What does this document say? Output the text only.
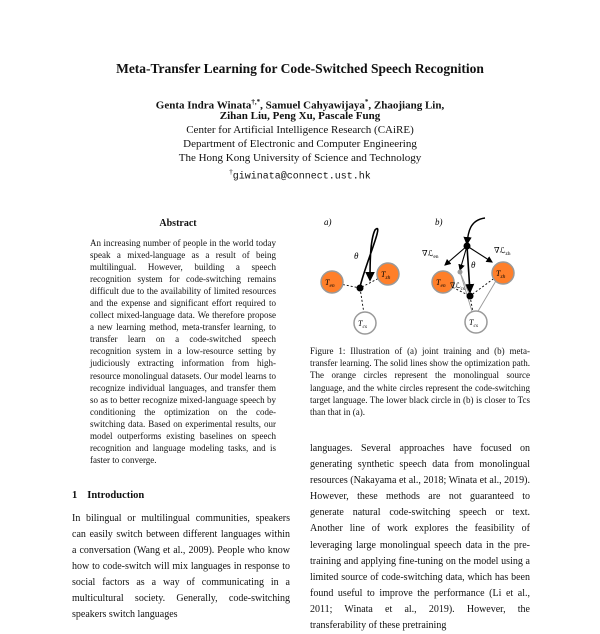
Meta-Transfer Learning for Code-Switched Speech Recognition
Genta Indra Winata†,*, Samuel Cahyawijaya*, Zhaojiang Lin,
Zihan Liu, Peng Xu, Pascale Fung
Center for Artificial Intelligence Research (CAiRE)
Department of Electronic and Computer Engineering
The Hong Kong University of Science and Technology
†giwinata@connect.ust.hk
Abstract
An increasing number of people in the world today speak a mixed-language as a result of being multilingual. However, building a speech recognition system for code-switching remains difficult due to the availability of limited resources and the expense and significant effort required to collect mixed-language data. We therefore propose a new learning method, meta-transfer learning, to transfer learn on a code-switched speech recognition system in a low-resource setting by judiciously extracting information from high-resource monolingual datasets. Our model learns to recognize individual languages, and transfer them so as to better recognize mixed-language speech by conditioning the optimization on the code-switching data. Based on experimental results, our model outperforms existing baselines on speech recognition and language modeling tasks, and is faster to converge.
1 Introduction
In bilingual or multilingual communities, speakers can easily switch between different languages within a conversation (Wang et al., 2009). People who know how to code-switch will mix languages in response to social factors as a way of communicating in a multicultural society. Generally, code-switching speakers switch languages
a)
$T_{en}$
$T_{zh}$
$T_{cs}$
θ
b)
$T_{en}$
$T_{zh}$
$T_{cs}$
θ
∇ℒ$_{en}$
∇ℒ$_{zh}$
∇ℒ$_{cs}$
Figure 1: Illustration of (a) joint training and (b) meta-transfer learning. The solid lines show the optimization path. The orange circles represent the monolingual source language, and the white circles represent the code-switching target language. The lower black circle in (b) is closer to Tcs than that in (a).
languages. Several approaches have focused on generating synthetic speech data from monolingual resources (Nakayama et al., 2018; Winata et al., 2019). However, these methods are not guaranteed to generate natural code-switching speech or text. Another line of work explores the feasibility of leveraging large monolingual speech data in the pre-training and applying fine-tuning on the model using a limited source of code-switching data, which has been found useful to improve the performance (Li et al., 2011; Winata et al., 2019). However, the transferability of these pretraining
